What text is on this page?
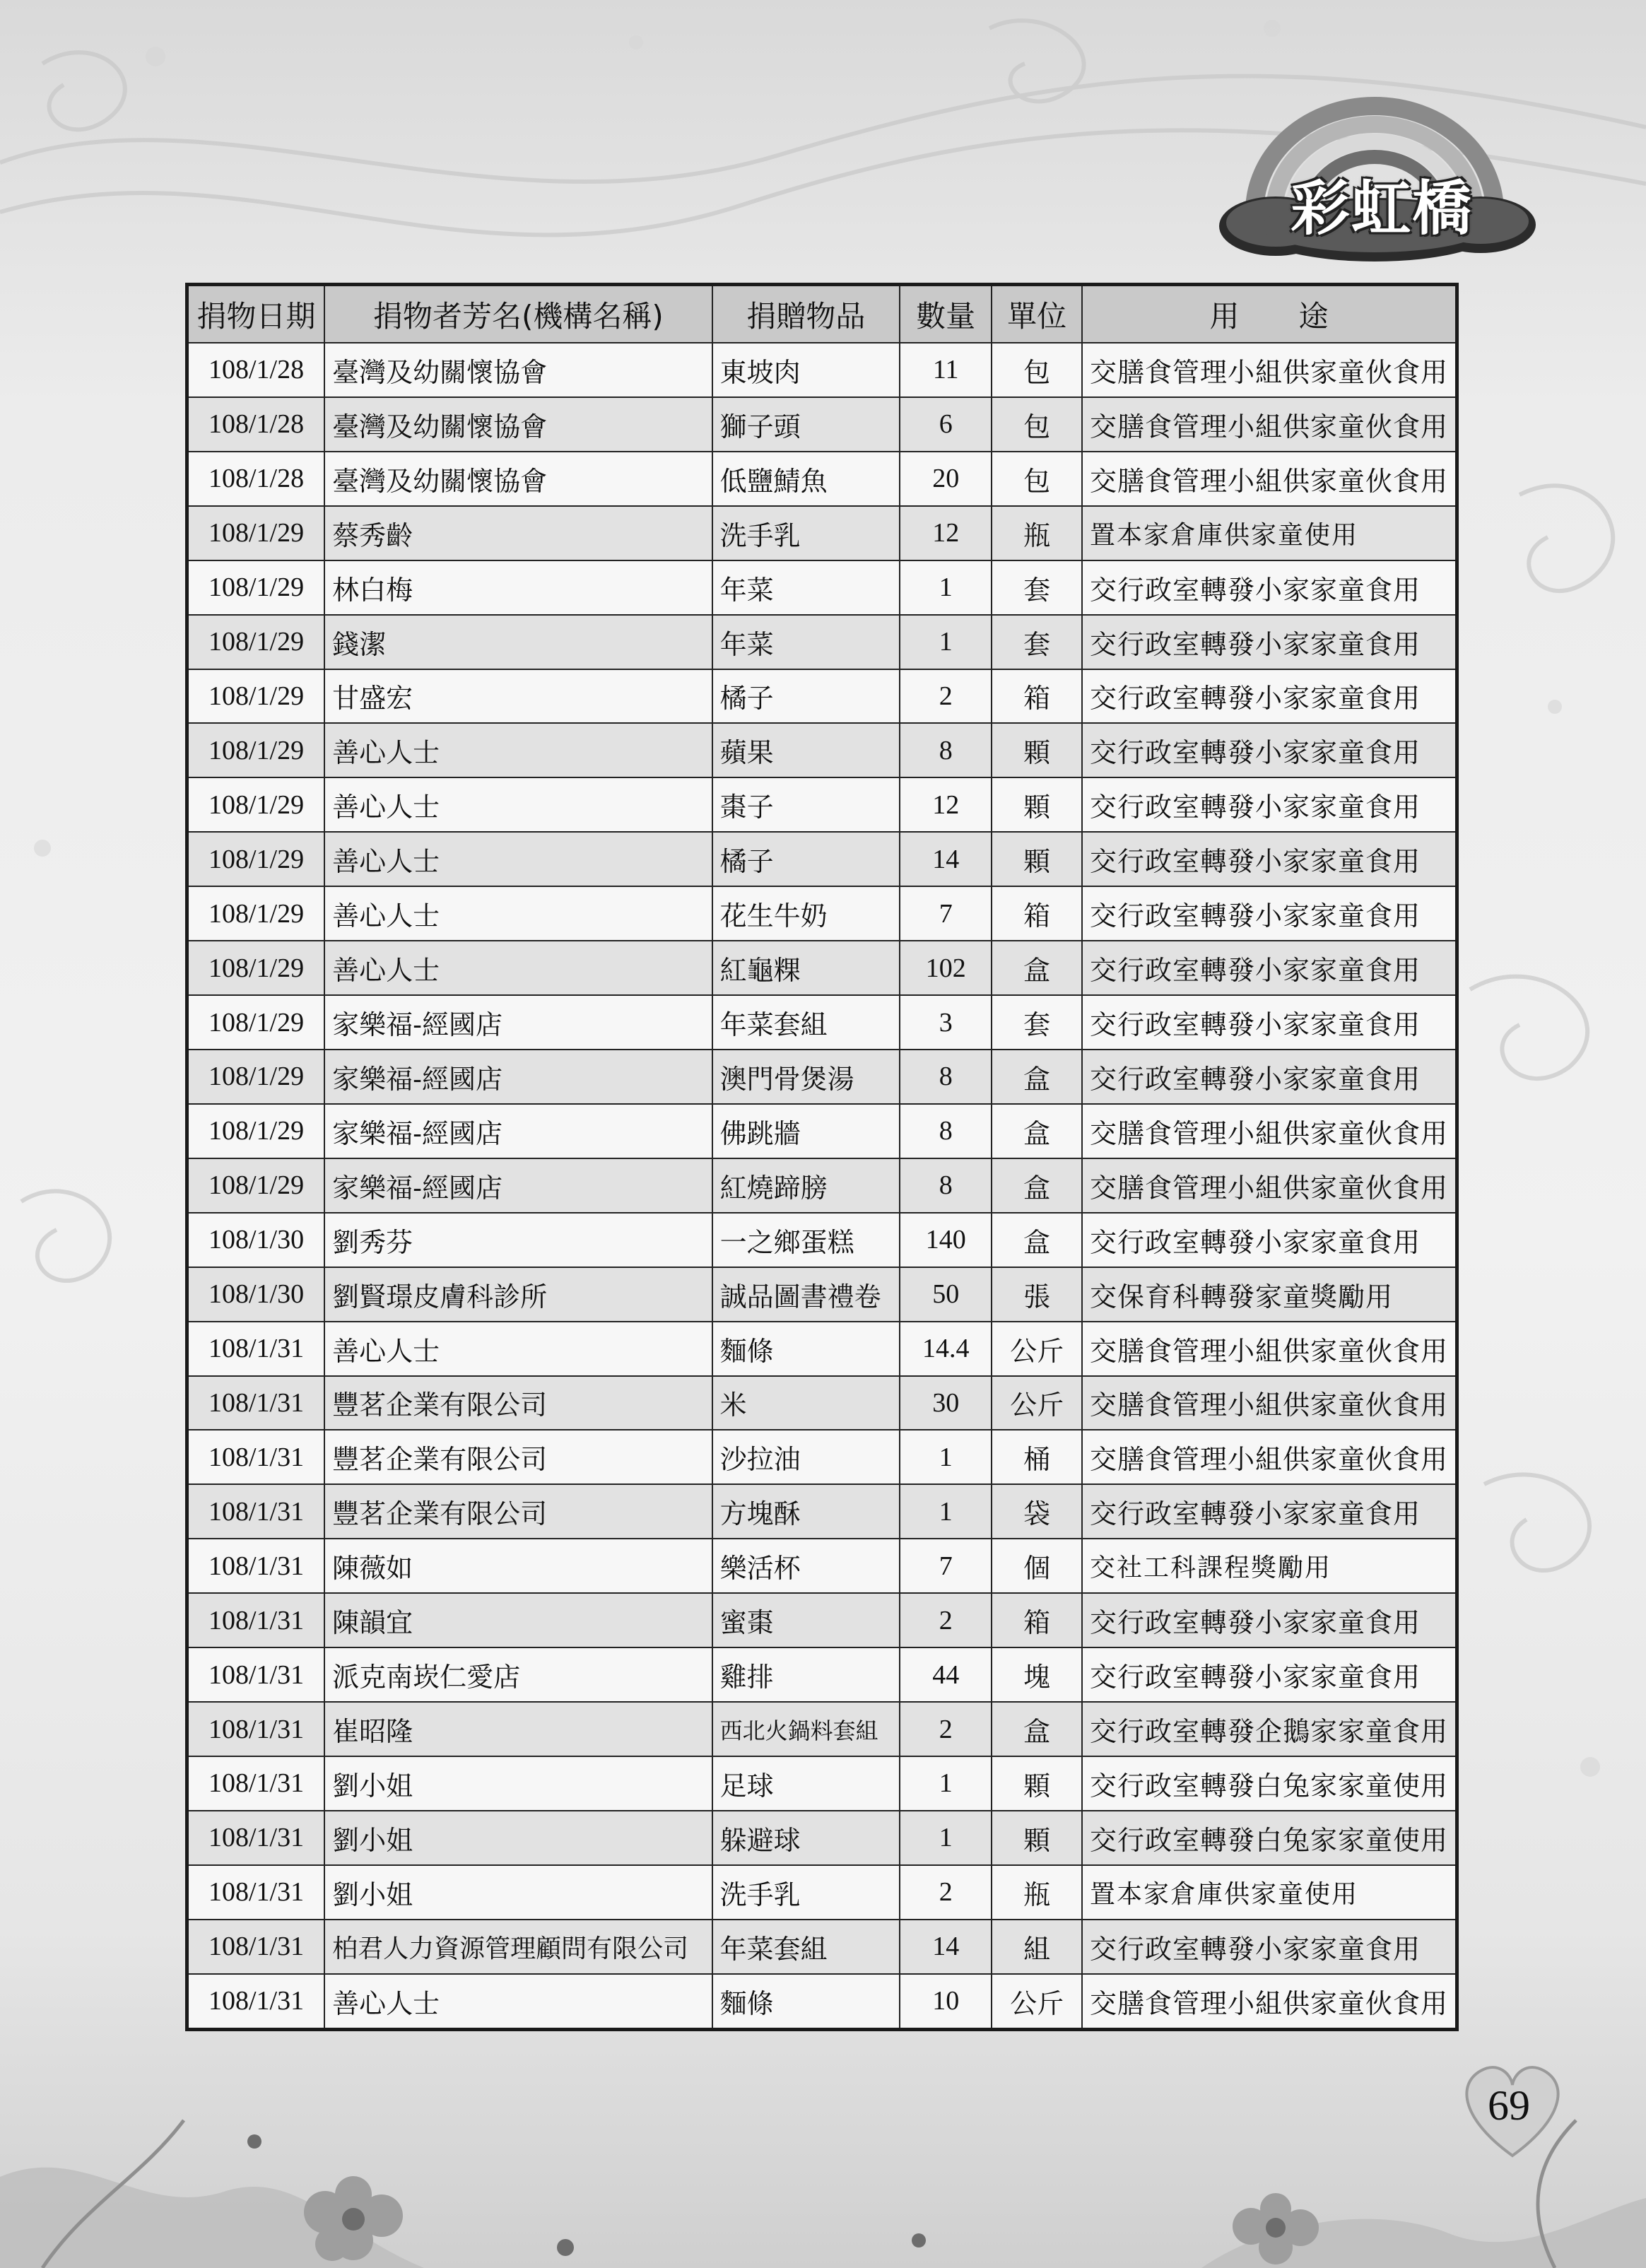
彩虹橋
捐物日期	捐物者芳名(機構名稱)	捐贈物品	數量	單位	用　　途
108/1/28	臺灣及幼關懷協會	東坡肉	11	包	交膳食管理小組供家童伙食用
108/1/28	臺灣及幼關懷協會	獅子頭	6	包	交膳食管理小組供家童伙食用
108/1/28	臺灣及幼關懷協會	低鹽鯖魚	20	包	交膳食管理小組供家童伙食用
108/1/29	蔡秀齡	洗手乳	12	瓶	置本家倉庫供家童使用
108/1/29	林白梅	年菜	1	套	交行政室轉發小家家童食用
108/1/29	錢潔	年菜	1	套	交行政室轉發小家家童食用
108/1/29	甘盛宏	橘子	2	箱	交行政室轉發小家家童食用
108/1/29	善心人士	蘋果	8	顆	交行政室轉發小家家童食用
108/1/29	善心人士	棗子	12	顆	交行政室轉發小家家童食用
108/1/29	善心人士	橘子	14	顆	交行政室轉發小家家童食用
108/1/29	善心人士	花生牛奶	7	箱	交行政室轉發小家家童食用
108/1/29	善心人士	紅龜粿	102	盒	交行政室轉發小家家童食用
108/1/29	家樂福-經國店	年菜套組	3	套	交行政室轉發小家家童食用
108/1/29	家樂福-經國店	澳門骨煲湯	8	盒	交行政室轉發小家家童食用
108/1/29	家樂福-經國店	佛跳牆	8	盒	交膳食管理小組供家童伙食用
108/1/29	家樂福-經國店	紅燒蹄膀	8	盒	交膳食管理小組供家童伙食用
108/1/30	劉秀芬	一之鄉蛋糕	140	盒	交行政室轉發小家家童食用
108/1/30	劉賢璟皮膚科診所	誠品圖書禮卷	50	張	交保育科轉發家童獎勵用
108/1/31	善心人士	麵條	14.4	公斤	交膳食管理小組供家童伙食用
108/1/31	豐茗企業有限公司	米	30	公斤	交膳食管理小組供家童伙食用
108/1/31	豐茗企業有限公司	沙拉油	1	桶	交膳食管理小組供家童伙食用
108/1/31	豐茗企業有限公司	方塊酥	1	袋	交行政室轉發小家家童食用
108/1/31	陳薇如	樂活杯	7	個	交社工科課程獎勵用
108/1/31	陳韻宜	蜜棗	2	箱	交行政室轉發小家家童食用
108/1/31	派克南崁仁愛店	雞排	44	塊	交行政室轉發小家家童食用
108/1/31	崔昭隆	西北火鍋料套組	2	盒	交行政室轉發企鵝家家童食用
108/1/31	劉小姐	足球	1	顆	交行政室轉發白兔家家童使用
108/1/31	劉小姐	躲避球	1	顆	交行政室轉發白兔家家童使用
108/1/31	劉小姐	洗手乳	2	瓶	置本家倉庫供家童使用
108/1/31	柏君人力資源管理顧問有限公司	年菜套組	14	組	交行政室轉發小家家童食用
108/1/31	善心人士	麵條	10	公斤	交膳食管理小組供家童伙食用
69
